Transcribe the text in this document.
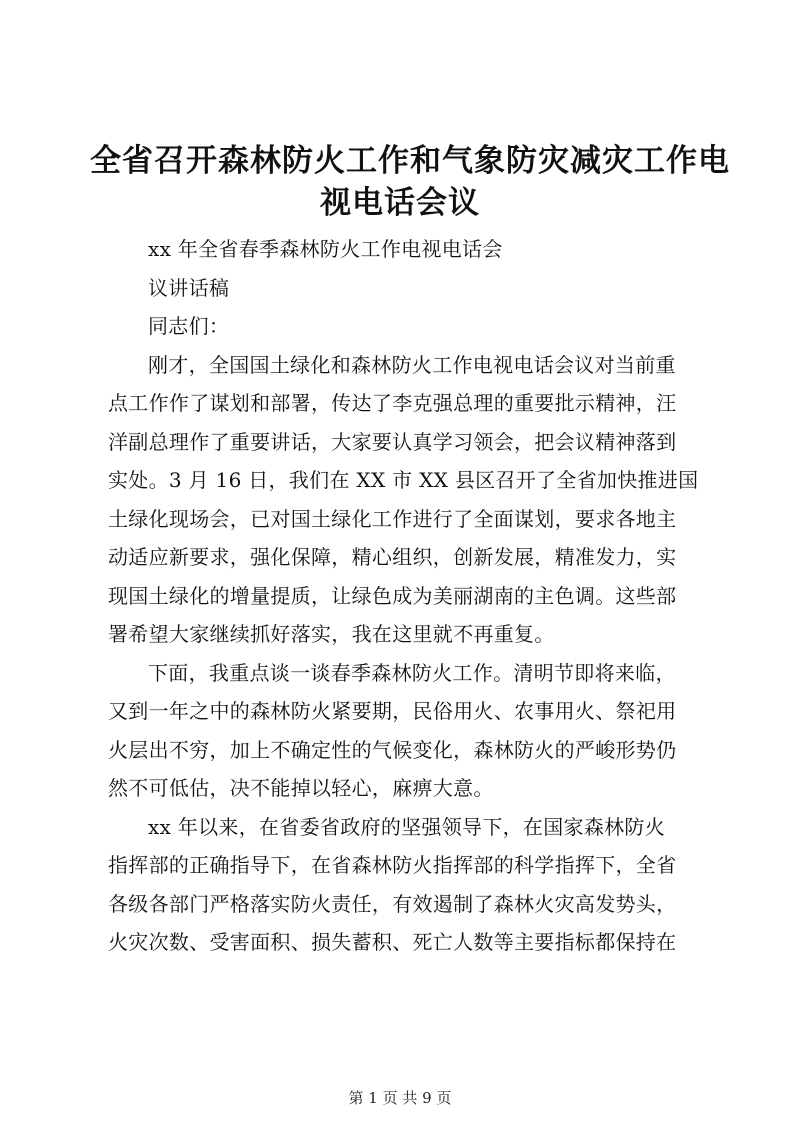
全省召开森林防火工作和气象防灾减灾工作电
视电话会议
xx 年全省春季森林防火工作电视电话会
议讲话稿
同志们：
刚才，全国国土绿化和森林防火工作电视电话会议对当前重
点工作作了谋划和部署，传达了李克强总理的重要批示精神，汪
洋副总理作了重要讲话，大家要认真学习领会，把会议精神落到
实处。3 月 16 日，我们在 XX 市 XX 县区召开了全省加快推进国
土绿化现场会，已对国土绿化工作进行了全面谋划，要求各地主
动适应新要求，强化保障，精心组织，创新发展，精准发力，实
现国土绿化的增量提质，让绿色成为美丽湖南的主色调。这些部
署希望大家继续抓好落实，我在这里就不再重复。
下面，我重点谈一谈春季森林防火工作。清明节即将来临，
又到一年之中的森林防火紧要期，民俗用火、农事用火、祭祀用
火层出不穷，加上不确定性的气候变化，森林防火的严峻形势仍
然不可低估，决不能掉以轻心，麻痹大意。
xx 年以来，在省委省政府的坚强领导下，在国家森林防火
指挥部的正确指导下，在省森林防火指挥部的科学指挥下，全省
各级各部门严格落实防火责任，有效遏制了森林火灾高发势头，
火灾次数、受害面积、损失蓄积、死亡人数等主要指标都保持在
第 1 页 共 9 页
